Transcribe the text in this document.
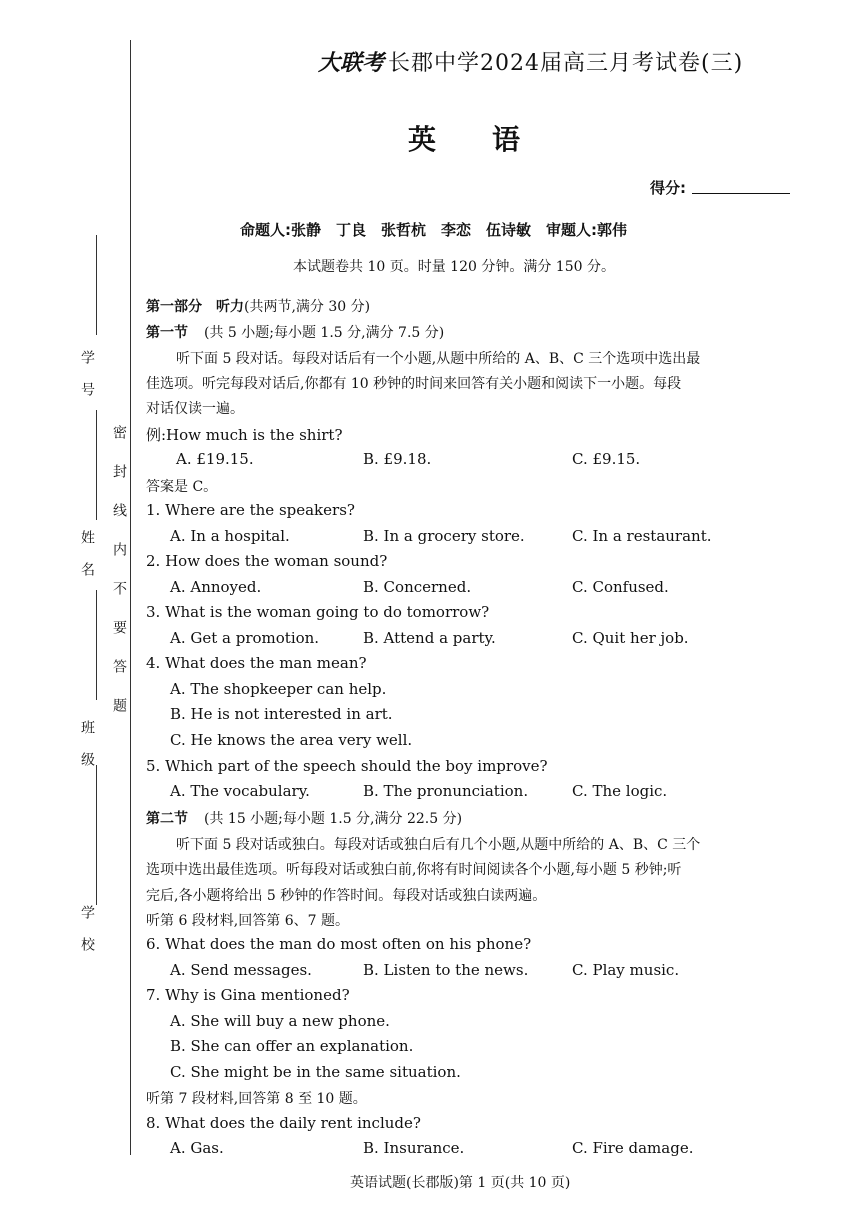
学号
姓名
班级
学校
密封线内不要答题
大联考 长郡中学2024届高三月考试卷(三)
英　　语
得分:
命题人:张静　丁良　张哲杭　李恋　伍诗敏　审题人:郭伟
本试题卷共 10 页。时量 120 分钟。满分 150 分。
第一部分　听力(共两节,满分 30 分)
第一节 (共 5 小题;每小题 1.5 分,满分 7.5 分)
听下面 5 段对话。每段对话后有一个小题,从题中所给的 A、B、C 三个选项中选出最
佳选项。听完每段对话后,你都有 10 秒钟的时间来回答有关小题和阅读下一小题。每段
对话仅读一遍。
例:How much is the shirt?
A. £19.15.	B. £9.18.	C. £9.15.
答案是 C。
1. Where are the speakers?
A. In a hospital.	B. In a grocery store.	C. In a restaurant.
2. How does the woman sound?
A. Annoyed.	B. Concerned.	C. Confused.
3. What is the woman going to do tomorrow?
A. Get a promotion.	B. Attend a party.	C. Quit her job.
4. What does the man mean?
A. The shopkeeper can help.
B. He is not interested in art.
C. He knows the area very well.
5. Which part of the speech should the boy improve?
A. The vocabulary.	B. The pronunciation.	C. The logic.
第二节 (共 15 小题;每小题 1.5 分,满分 22.5 分)
听下面 5 段对话或独白。每段对话或独白后有几个小题,从题中所给的 A、B、C 三个
选项中选出最佳选项。听每段对话或独白前,你将有时间阅读各个小题,每小题 5 秒钟;听
完后,各小题将给出 5 秒钟的作答时间。每段对话或独白读两遍。
听第 6 段材料,回答第 6、7 题。
6. What does the man do most often on his phone?
A. Send messages.	B. Listen to the news.	C. Play music.
7. Why is Gina mentioned?
A. She will buy a new phone.
B. She can offer an explanation.
C. She might be in the same situation.
听第 7 段材料,回答第 8 至 10 题。
8. What does the daily rent include?
A. Gas.	B. Insurance.	C. Fire damage.
英语试题(长郡版)第 1 页(共 10 页)
